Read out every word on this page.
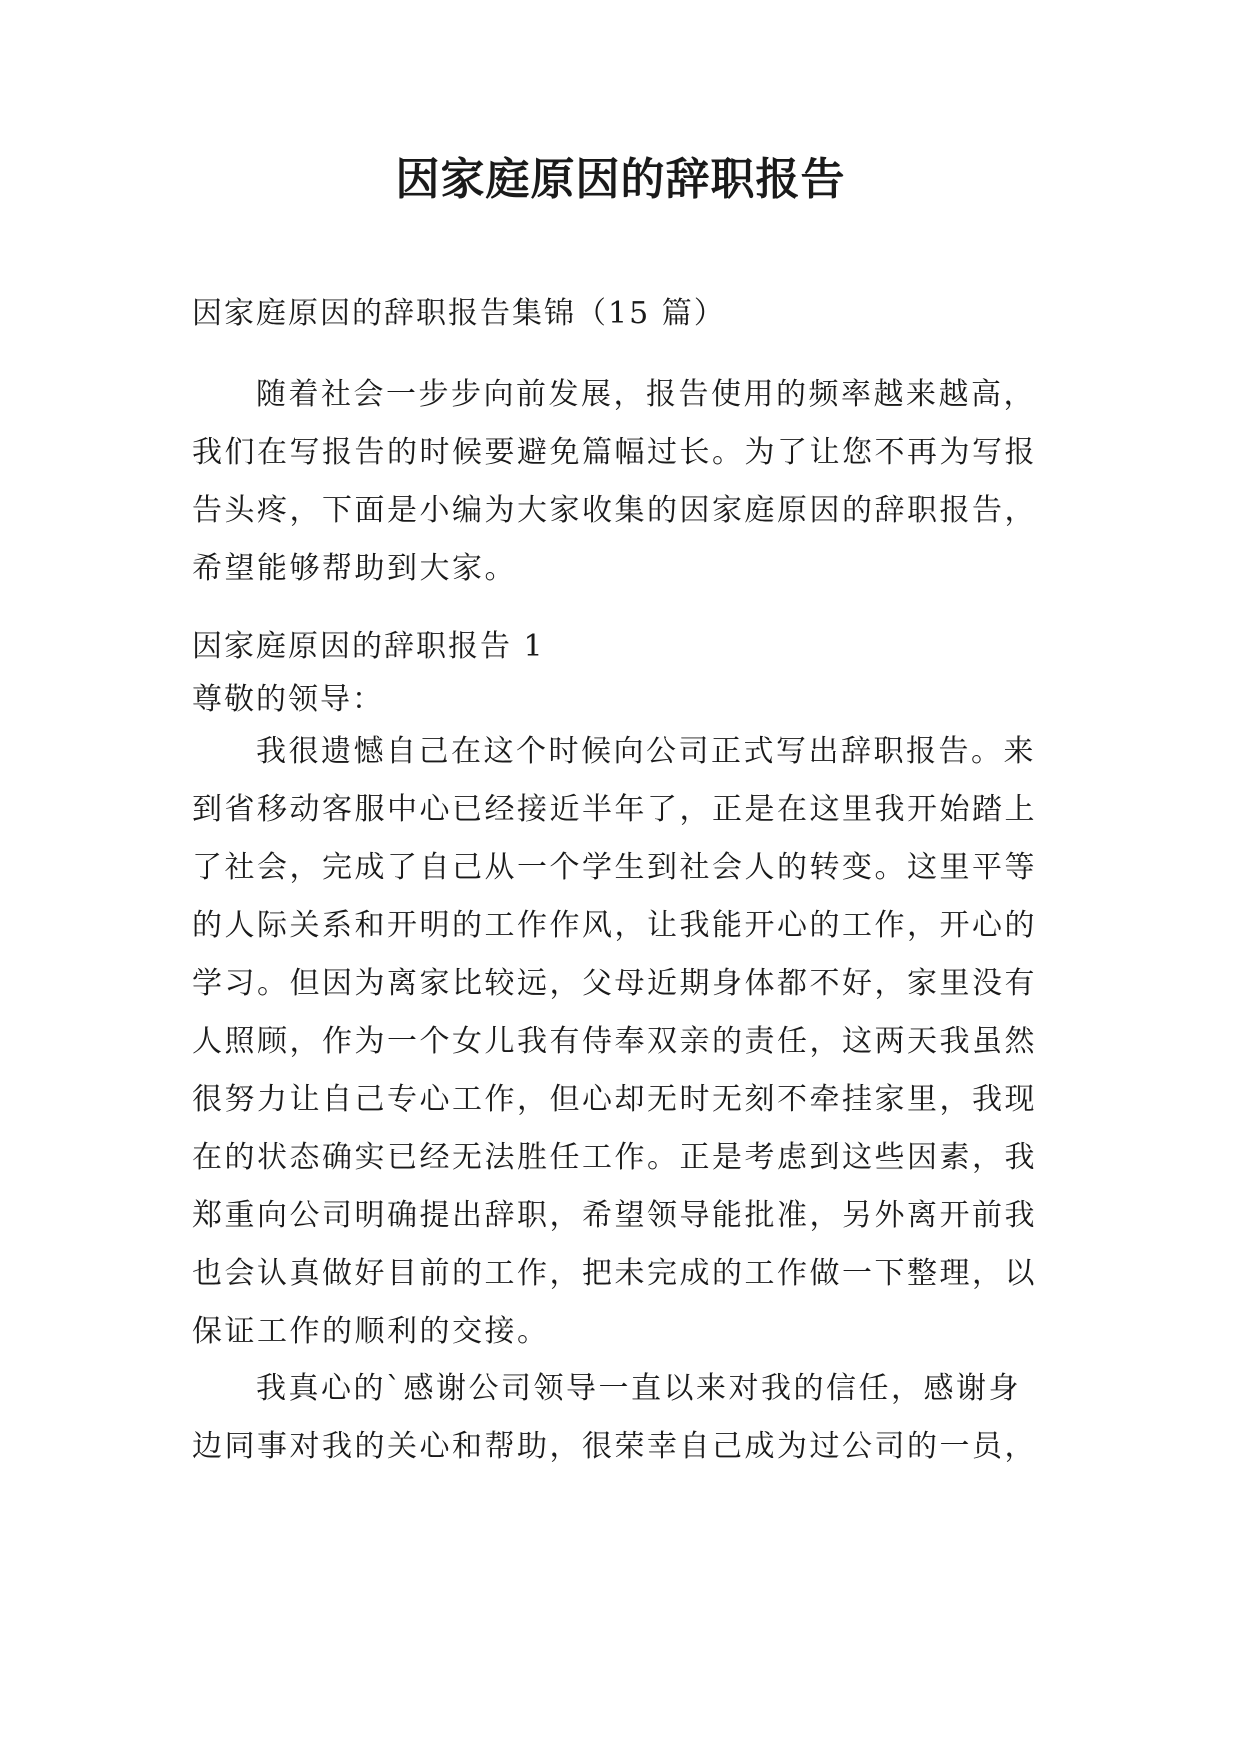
因家庭原因的辞职报告

因家庭原因的辞职报告集锦（15 篇）

随着社会一步步向前发展，报告使用的频率越来越高，
我们在写报告的时候要避免篇幅过长。为了让您不再为写报
告头疼，下面是小编为大家收集的因家庭原因的辞职报告，
希望能够帮助到大家。

因家庭原因的辞职报告 1

尊敬的领导：

我很遗憾自己在这个时候向公司正式写出辞职报告。来
到省移动客服中心已经接近半年了，正是在这里我开始踏上
了社会，完成了自己从一个学生到社会人的转变。这里平等
的人际关系和开明的工作作风，让我能开心的工作，开心的
学习。但因为离家比较远，父母近期身体都不好，家里没有
人照顾，作为一个女儿我有侍奉双亲的责任，这两天我虽然
很努力让自己专心工作，但心却无时无刻不牵挂家里，我现
在的状态确实已经无法胜任工作。正是考虑到这些因素，我
郑重向公司明确提出辞职，希望领导能批准，另外离开前我
也会认真做好目前的工作，把未完成的工作做一下整理，以
保证工作的顺利的交接。
我真心的`感谢公司领导一直以来对我的信任，感谢身
边同事对我的关心和帮助，很荣幸自己成为过公司的一员，
